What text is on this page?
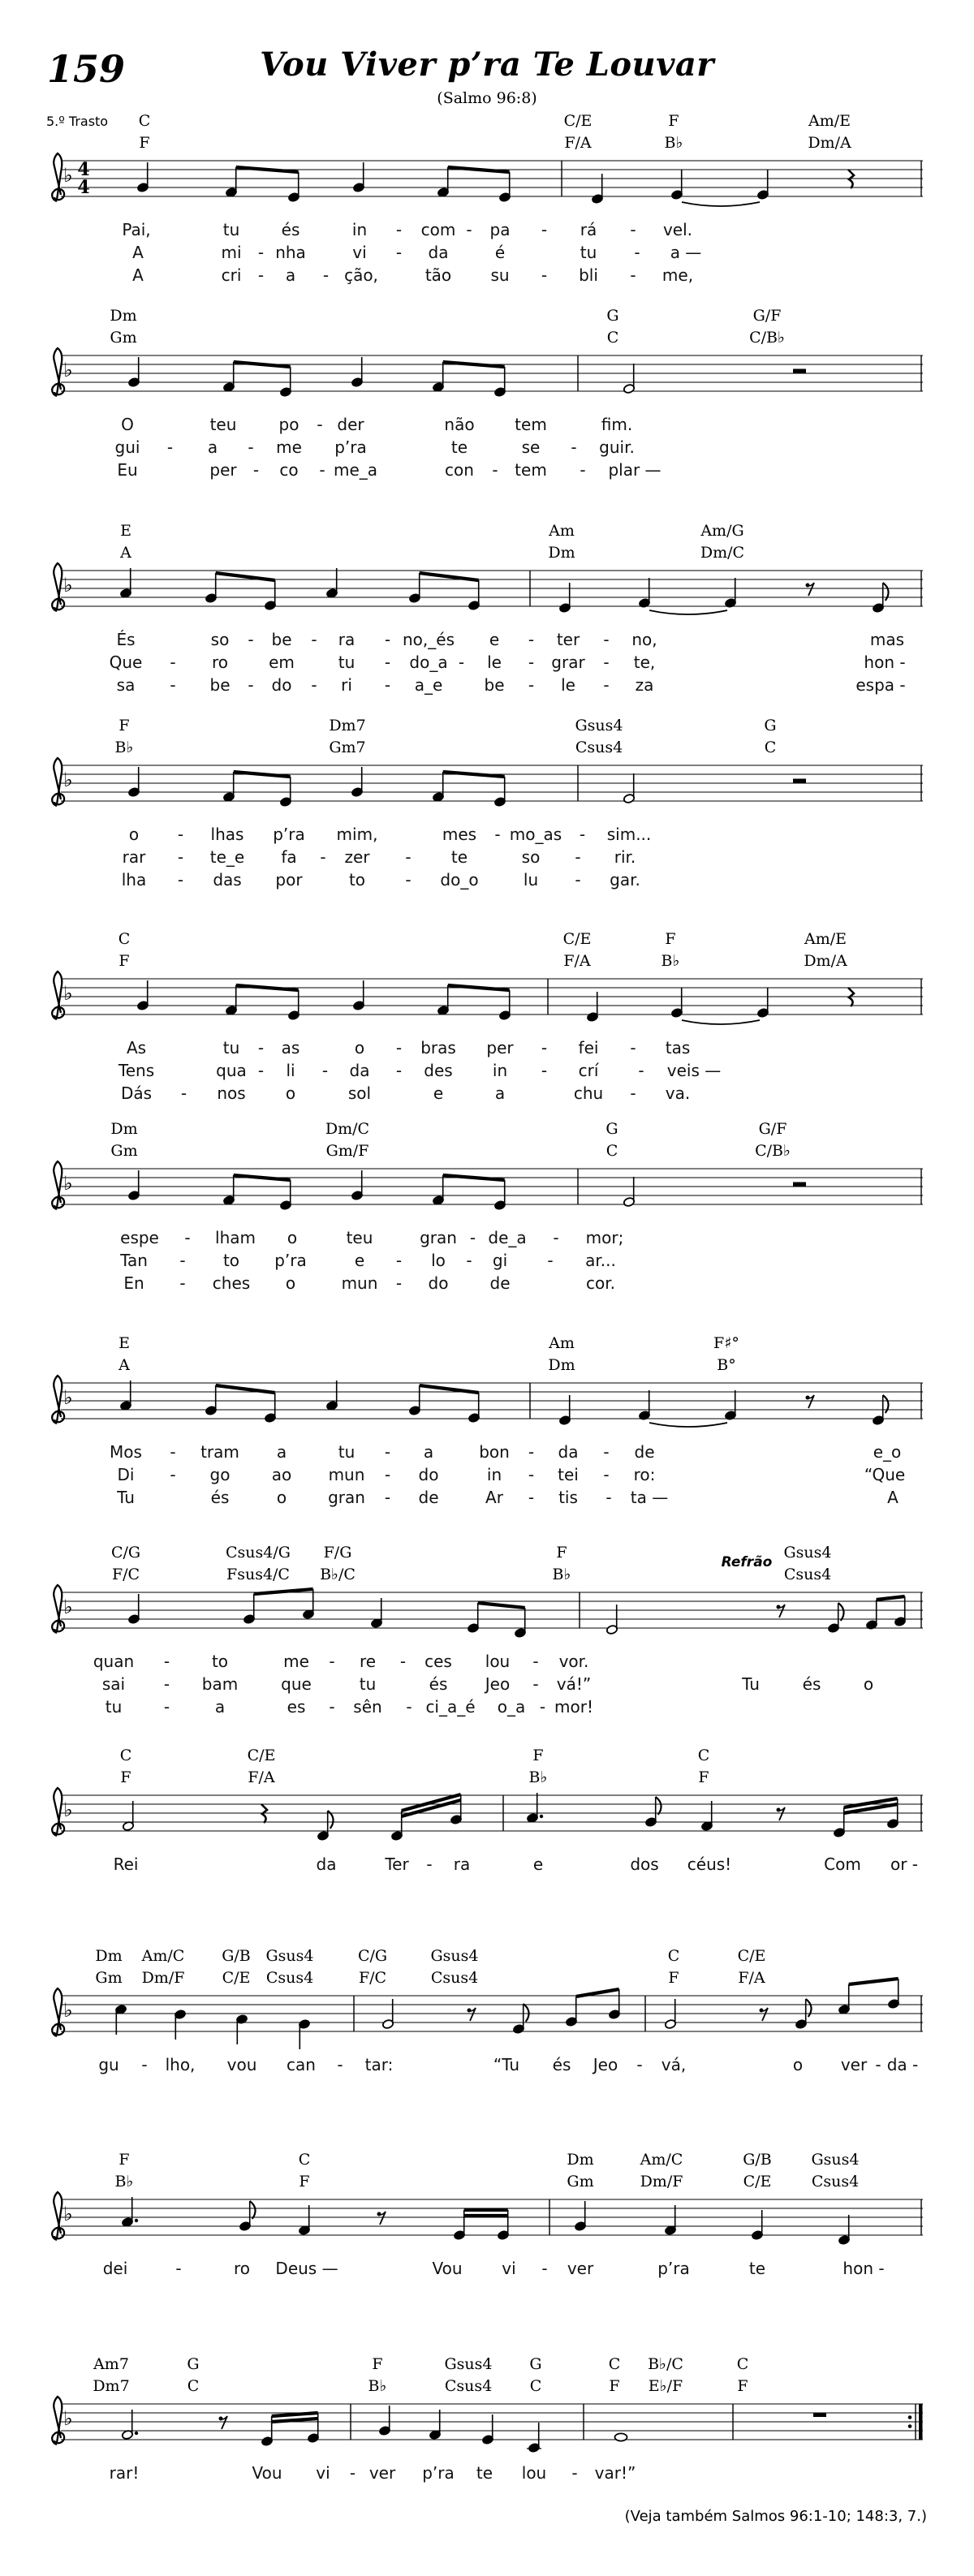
159	Vou Viver p’ra Te Louvar
(Salmo 96:8)
5.º Trasto C	C/E	F	Am/E
F	F/A	B♭	Dm/A
♭ 4
4
Pai,	tu	és	in - com - pa - rá - vel.
A	mi - nha	vi - da	é	tu - a —
A	cri - a - ção,	tão su - bli - me,
Dm	G	G/F
Gm	C	C/B♭
♭
O	teu	po - der	não tem	fim.
gui - a - me p’ra	te	se - guir.
Eu	per - co - me_a	con - tem - plar —
E	Am	Am/G
A	Dm	Dm/C
♭
És	so - be - ra - no,_és e - ter - no,	mas
Que - ro	em	tu - do_a - le - grar - te,	hon -
sa - be - do - ri - a_e	be - le - za	espa -
F	Dm7	Gsus4	G
B♭	Gm7	Csus4	C
♭
o - lhas p’ra mim,	mes - mo_as - sim...
rar - te_e fa - zer - te	so - rir.
lha - das por	to - do_o	lu - gar.
C	C/E	F	Am/E
F	F/A	B♭	Dm/A
♭
As	tu - as	o - bras per - fei - tas
Tens	qua - li - da - des in - crí - veis —
Dás - nos o	sol	e	a	chu - va.
Dm	Dm/C	G	G/F
Gm	Gm/F	C	C/B♭
♭
espe - lham o	teu	gran - de_a - mor;
Tan - to p’ra	e - lo - gi - ar...
En - ches o	mun - do	de	cor.
E	Am	F♯°
A	Dm	B°
♭
Mos - tram a	tu - a	bon - da - de	e_o
Di - go	ao mun - do	in - tei - ro:	“Que
Tu	és	o	gran - de	Ar - tis - ta —	A
C/G	Csus4/G F/G	F	Gsus4
F/C	Fsus4/C B♭/C	B♭	Csus4
Refrão
♭
quan -	to	me - re - ces lou - vor.
sai - bam	que	tu	és Jeo - vá!”	Tu	és	o
tu	-	a	es - sên - ci_a_é o_a - mor!
C	C/E	F	C
F	F/A	B♭	F
♭
Rei	da	Ter - ra	e	dos céus!	Com or -
Dm Am/C G/B Gsus4	C/G	Gsus4	C	C/E
Gm Dm/F C/E Csus4	F/C	Csus4	F	F/A
♭
gu - lho, vou can - tar:	“Tu és Jeo - vá,	o ver - da -
F	C	Dm	Am/C	G/B	Gsus4
B♭	F	Gm	Dm/F	C/E	Csus4
♭
dei	-	ro Deus —	Vou vi - ver	p’ra	te	hon -
Am7	G	F	Gsus4 G	C B♭/C	C
Dm7	C	B♭	Csus4 C	F E♭/F	F
♭
rar!	Vou vi - ver p’ra te lou - var!”
(Veja também Salmos 96:1-10; 148:3, 7.)
